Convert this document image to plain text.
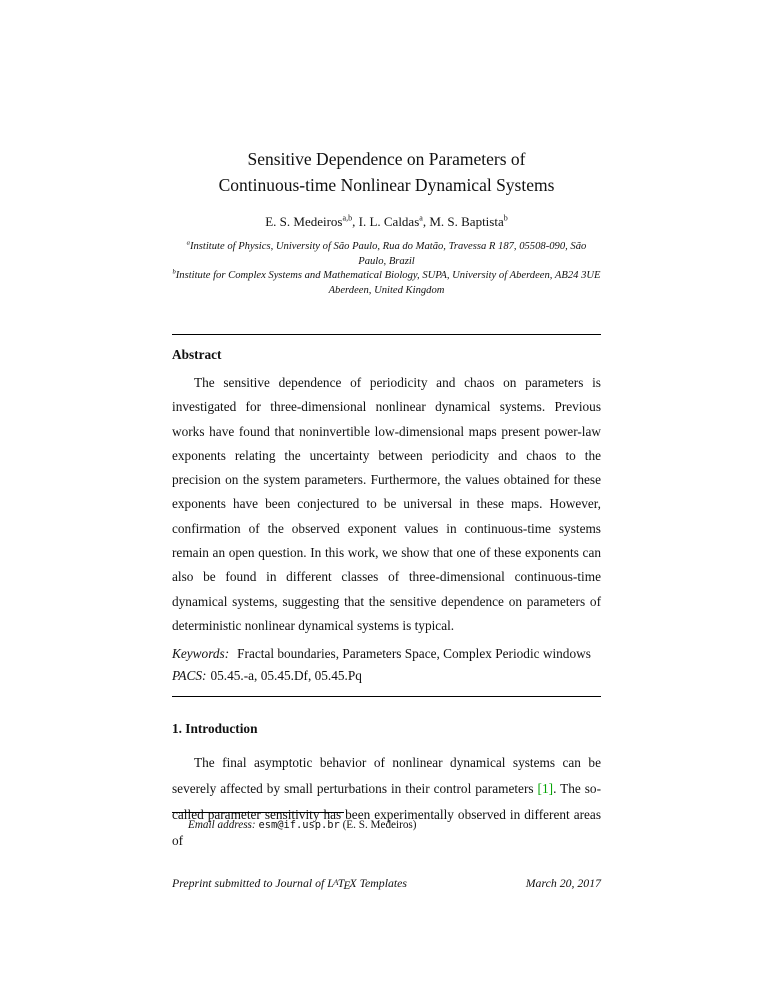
Sensitive Dependence on Parameters of
Continuous-time Nonlinear Dynamical Systems
E. S. Medeiros$^{a,b}$, I. L. Caldas$^a$, M. S. Baptista$^b$
$^a$Institute of Physics, University of São Paulo, Rua do Matão, Travessa R 187, 05508-090, São Paulo, Brazil
$^b$Institute for Complex Systems and Mathematical Biology, SUPA, University of Aberdeen, AB24 3UE Aberdeen, United Kingdom
Abstract
The sensitive dependence of periodicity and chaos on parameters is investigated for three-dimensional nonlinear dynamical systems. Previous works have found that noninvertible low-dimensional maps present power-law exponents relating the uncertainty between periodicity and chaos to the precision on the system parameters. Furthermore, the values obtained for these exponents have been conjectured to be universal in these maps. However, confirmation of the observed exponent values in continuous-time systems remain an open question. In this work, we show that one of these exponents can also be found in different classes of three-dimensional continuous-time dynamical systems, suggesting that the sensitive dependence on parameters of deterministic nonlinear dynamical systems is typical.
Keywords: Fractal boundaries, Parameters Space, Complex Periodic windows
PACS: 05.45.-a, 05.45.Df, 05.45.Pq
1. Introduction
The final asymptotic behavior of nonlinear dynamical systems can be severely affected by small perturbations in their control parameters [1]. The so-called parameter sensitivity has been experimentally observed in different areas of
Email address: esm@if.usp.br (E. S. Medeiros)
Preprint submitted to Journal of LATEX Templates	March 20, 2017
